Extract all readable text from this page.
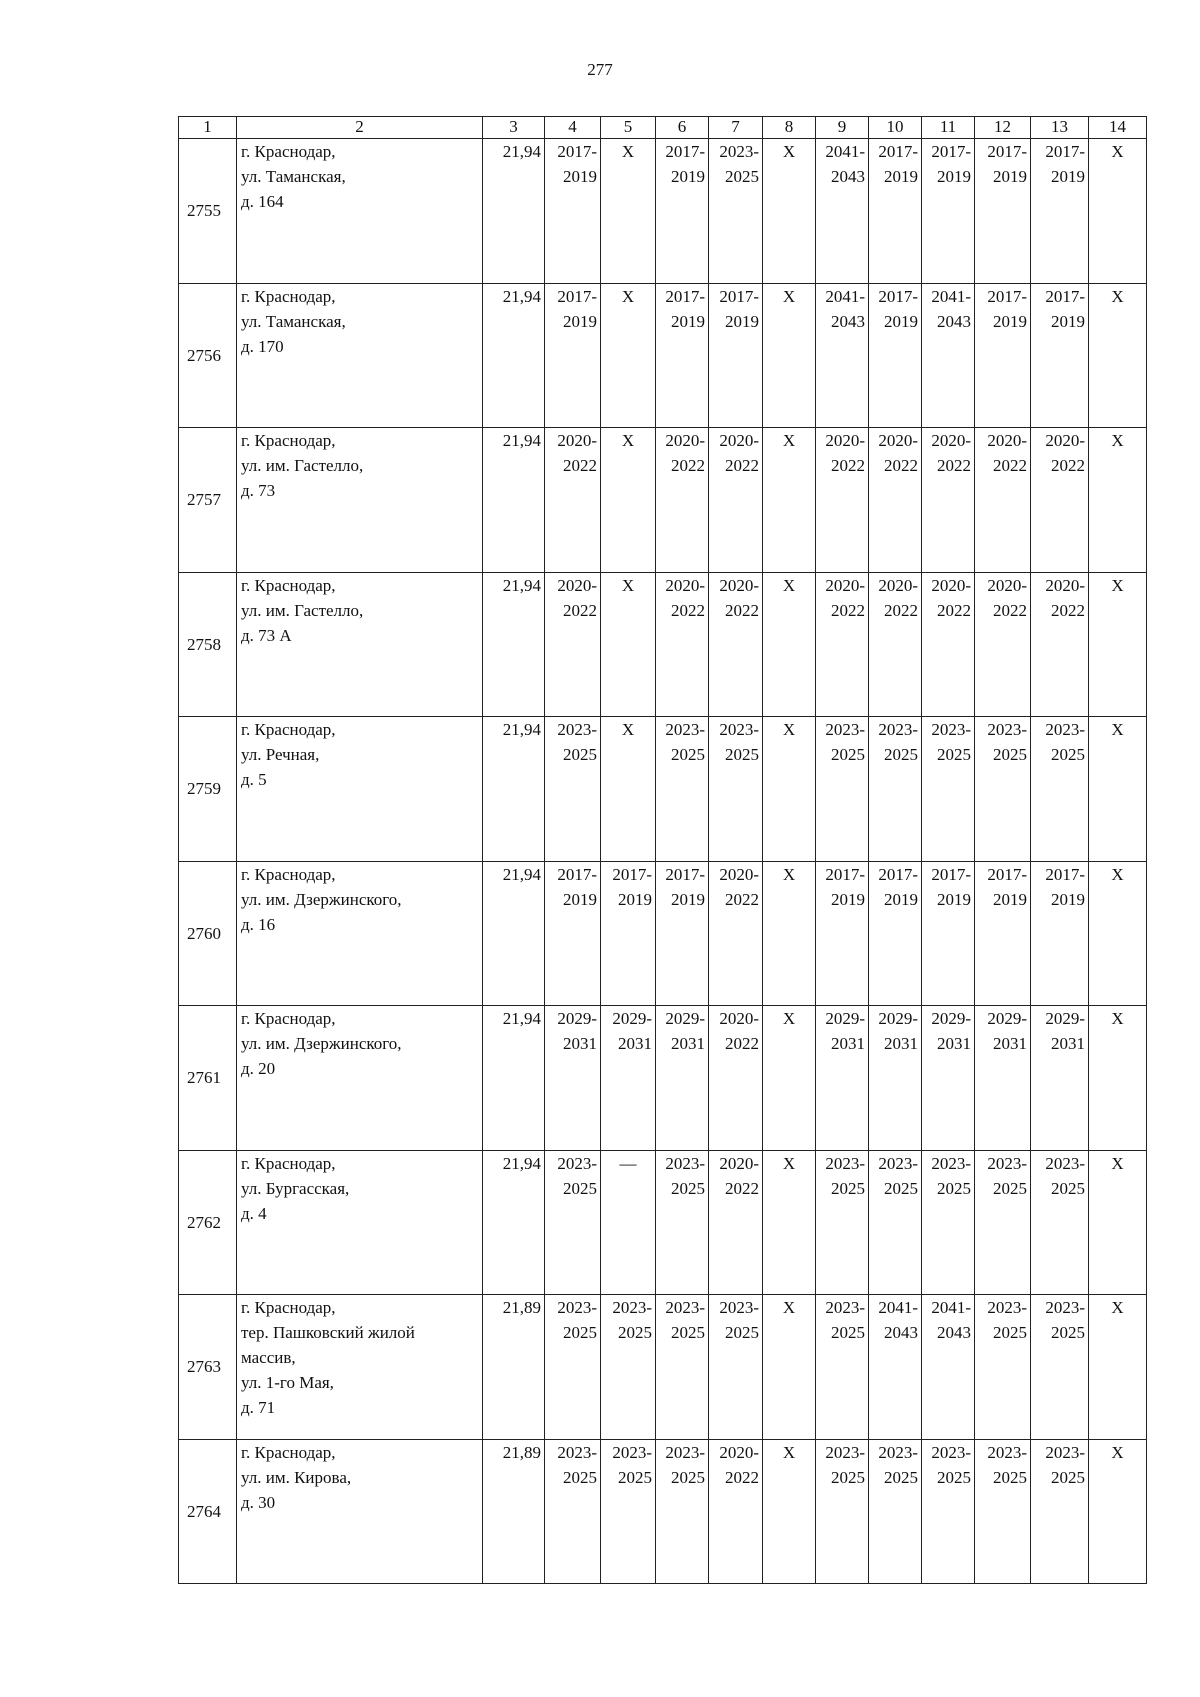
277
1	2	3	4	5	6	7	8	9	10	11	12	13	14
2755	г. Краснодар,
ул. Таманская,
д. 164	21,94	2017-
2019	X	2017-
2019	2023-
2025	X	2041-
2043	2017-
2019	2017-
2019	2017-
2019	2017-
2019	X

2756	г. Краснодар,
ул. Таманская,
д. 170	21,94	2017-
2019	X	2017-
2019	2017-
2019	X	2041-
2043	2017-
2019	2041-
2043	2017-
2019	2017-
2019	X

2757	г. Краснодар,
ул. им. Гастелло,
д. 73	21,94	2020-
2022	X	2020-
2022	2020-
2022	X	2020-
2022	2020-
2022	2020-
2022	2020-
2022	2020-
2022	X

2758	г. Краснодар,
ул. им. Гастелло,
д. 73 А	21,94	2020-
2022	X	2020-
2022	2020-
2022	X	2020-
2022	2020-
2022	2020-
2022	2020-
2022	2020-
2022	X

2759	г. Краснодар,
ул. Речная,
д. 5	21,94	2023-
2025	X	2023-
2025	2023-
2025	X	2023-
2025	2023-
2025	2023-
2025	2023-
2025	2023-
2025	X

2760	г. Краснодар,
ул. им. Дзержинского,
д. 16	21,94	2017-
2019	2017-
2019	2017-
2019	2020-
2022	X	2017-
2019	2017-
2019	2017-
2019	2017-
2019	2017-
2019	X

2761	г. Краснодар,
ул. им. Дзержинского,
д. 20	21,94	2029-
2031	2029-
2031	2029-
2031	2020-
2022	X	2029-
2031	2029-
2031	2029-
2031	2029-
2031	2029-
2031	X

2762	г. Краснодар,
ул. Бургасская,
д. 4	21,94	2023-
2025	—	2023-
2025	2020-
2022	X	2023-
2025	2023-
2025	2023-
2025	2023-
2025	2023-
2025	X

2763	г. Краснодар,
тер. Пашковский жилой
массив,
ул. 1-го Мая,
д. 71	21,89	2023-
2025	2023-
2025	2023-
2025	2023-
2025	X	2023-
2025	2041-
2043	2041-
2043	2023-
2025	2023-
2025	X

2764	г. Краснодар,
ул. им. Кирова,
д. 30	21,89	2023-
2025	2023-
2025	2023-
2025	2020-
2022	X	2023-
2025	2023-
2025	2023-
2025	2023-
2025	2023-
2025	X
